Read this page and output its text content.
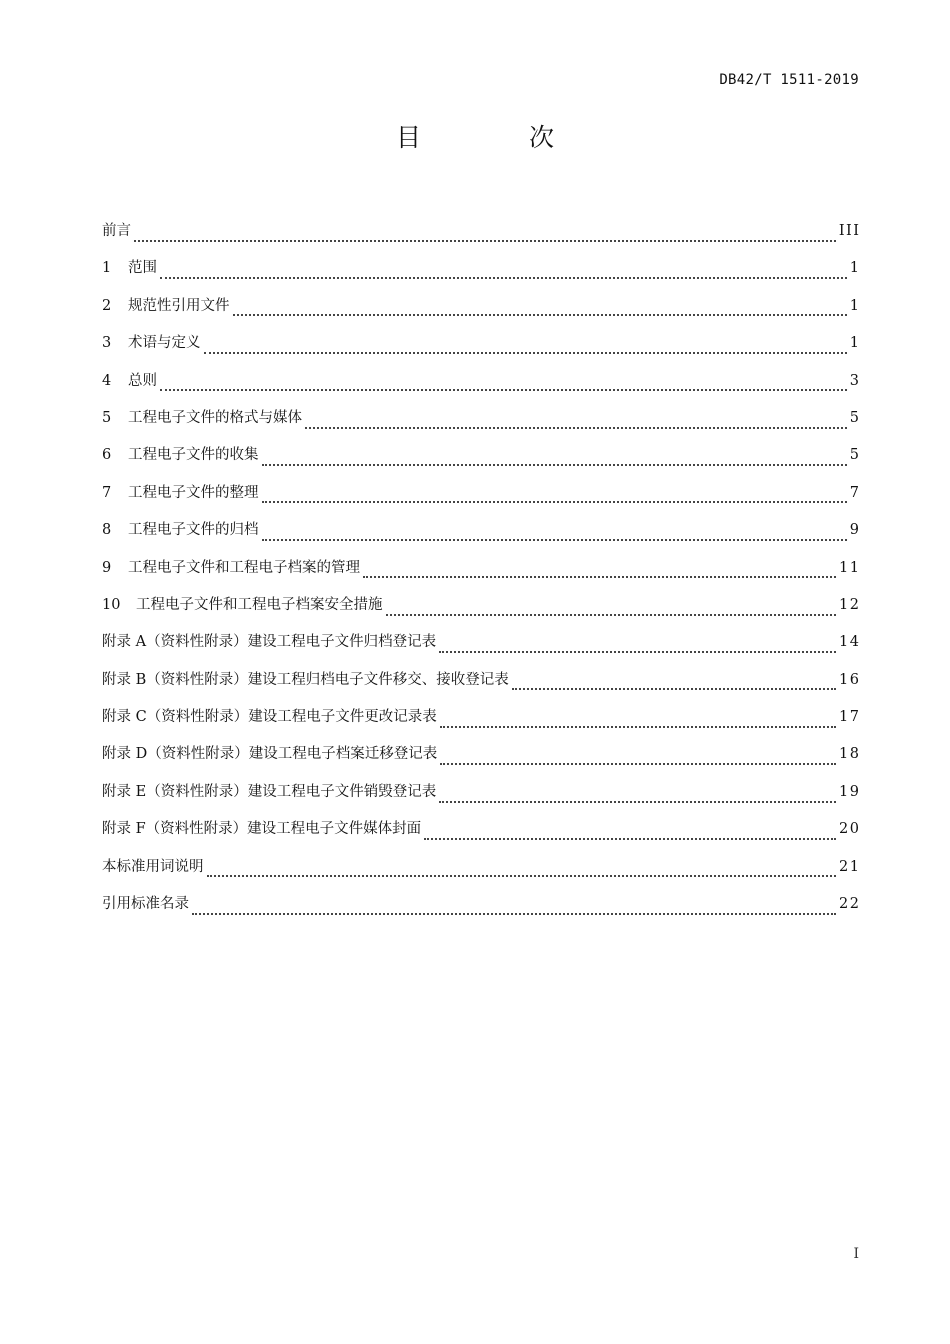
DB42/T 1511-2019
目 次
前言	III
1	范围	1
2	规范性引用文件	1
3	术语与定义	1
4	总则	3
5	工程电子文件的格式与媒体	5
6	工程电子文件的收集	5
7	工程电子文件的整理	7
8	工程电子文件的归档	9
9	工程电子文件和工程电子档案的管理	11
10	工程电子文件和工程电子档案安全措施	12
附录 A（资料性附录）建设工程电子文件归档登记表	14
附录 B（资料性附录）建设工程归档电子文件移交、接收登记表	16
附录 C（资料性附录）建设工程电子文件更改记录表	17
附录 D（资料性附录）建设工程电子档案迁移登记表	18
附录 E（资料性附录）建设工程电子文件销毁登记表	19
附录 F（资料性附录）建设工程电子文件媒体封面	20
本标准用词说明	21
引用标准名录	22
I
